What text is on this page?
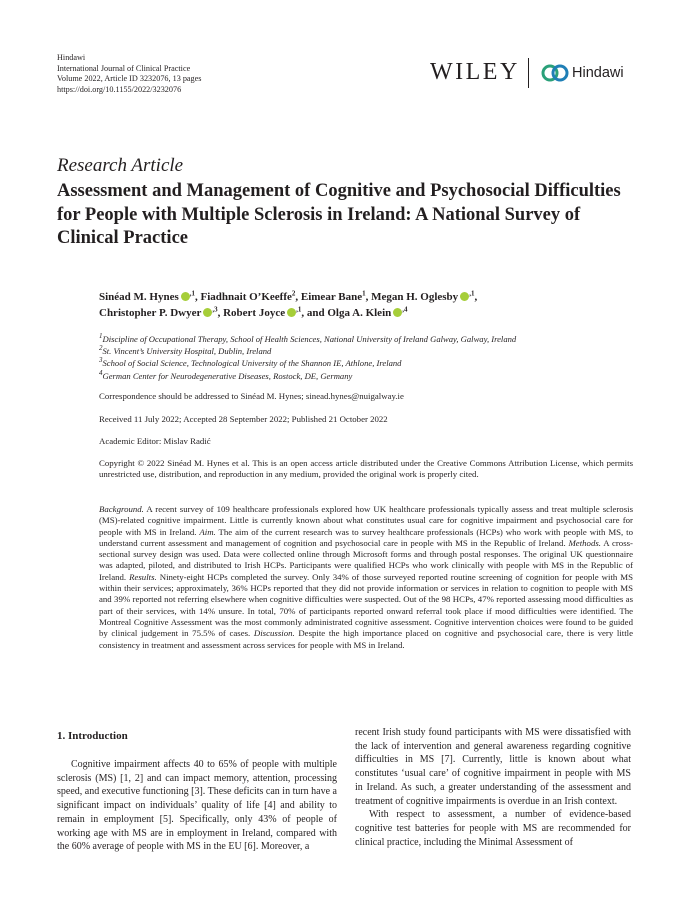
Hindawi
International Journal of Clinical Practice
Volume 2022, Article ID 3232076, 13 pages
https://doi.org/10.1155/2022/3232076
WILEY	Hindawi
Research Article
Assessment and Management of Cognitive and Psychosocial Difficulties for People with Multiple Sclerosis in Ireland: A National Survey of Clinical Practice
Sinéad M. Hynes $^{,1}$, Fiadhnait O’Keeffe$^2$, Eimear Bane$^1$, Megan H. Oglesby $^{,1}$,
Christopher P. Dwyer $^{,3}$, Robert Joyce $^{,1}$, and Olga A. Klein $^{,4}$
$^1$Discipline of Occupational Therapy, School of Health Sciences, National University of Ireland Galway, Galway, Ireland
$^2$St. Vincent’s University Hospital, Dublin, Ireland
$^3$School of Social Science, Technological University of the Shannon IE, Athlone, Ireland
$^4$German Center for Neurodegenerative Diseases, Rostock, DE, Germany
Correspondence should be addressed to Sinéad M. Hynes; sinead.hynes@nuigalway.ie
Received 11 July 2022; Accepted 28 September 2022; Published 21 October 2022
Academic Editor: Mislav Radić
Copyright © 2022 Sinéad M. Hynes et al. This is an open access article distributed under the Creative Commons Attribution License, which permits unrestricted use, distribution, and reproduction in any medium, provided the original work is properly cited.
Background. A recent survey of 109 healthcare professionals explored how UK healthcare professionals typically assess and treat multiple sclerosis (MS)-related cognitive impairment. Little is currently known about what constitutes usual care for cognitive impairment and psychosocial care for people with MS in Ireland. Aim. The aim of the current research was to survey healthcare professionals (HCPs) who work with people with MS, to understand current assessment and management of cognition and psychosocial care in people with MS in the Republic of Ireland. Methods. A cross-sectional survey design was used. Data were collected online through Microsoft forms and through postal responses. The original UK questionnaire was adapted, piloted, and distributed to Irish HCPs. Participants were qualified HCPs who work clinically with people with MS in the Republic of Ireland. Results. Ninety-eight HCPs completed the survey. Only 34% of those surveyed reported routine screening of cognition for people with MS within their services; approximately, 36% HCPs reported that they did not provide information or services in relation to cognition to people with MS and 39% reported not referring elsewhere when cognitive difficulties were suspected. Out of the 98 HCPs, 47% reported assessing mood difficulties as part of their services, with 14% unsure. In total, 70% of participants reported onward referral took place if mood difficulties were identified. The Montreal Cognitive Assessment was the most commonly administrated cognitive assessment. Cognitive intervention choices were found to be guided by clinical judgement in 75.5% of cases. Discussion. Despite the high importance placed on cognitive and psychosocial care, there is very little consistency in treatment and assessment across services for people with MS in Ireland.
1. Introduction

Cognitive impairment affects 40 to 65% of people with multiple sclerosis (MS) [1, 2] and can impact memory, attention, processing speed, and executive functioning [3]. These deficits can in turn have a significant impact on individuals’ quality of life [4] and ability to remain in employment [5]. Specifically, only 43% of people of working age with MS are in employment in Ireland, compared with the 60% average of people with MS in the EU [6]. Moreover, a

recent Irish study found participants with MS were dissatisfied with the lack of intervention and general awareness regarding cognitive difficulties in MS [7]. Currently, little is known about what constitutes ‘usual care’ of cognitive impairment in people with MS in Ireland. As such, a greater understanding of the assessment and treatment of cognitive impairments is overdue in an Irish context.

With respect to assessment, a number of evidence-based cognitive test batteries for people with MS are recommended for clinical practice, including the Minimal Assessment of
